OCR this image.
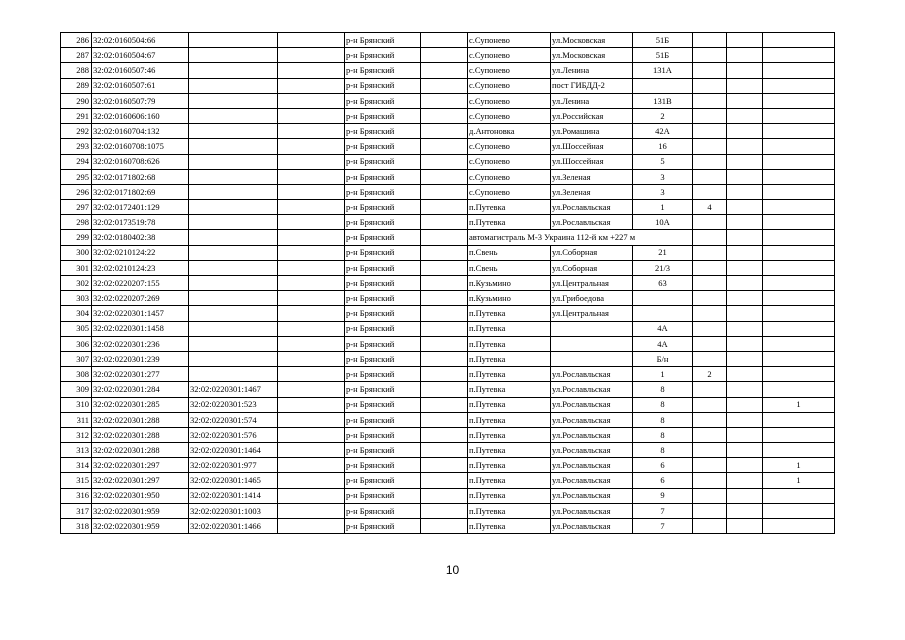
286	32:02:0160504:66			р-н Брянский		с.Супонево	ул.Московская	51Б			
287	32:02:0160504:67			р-н Брянский		с.Супонево	ул.Московская	51Б			
288	32:02:0160507:46			р-н Брянский		с.Супонево	ул.Ленина	131А			
289	32:02:0160507:61			р-н Брянский		с.Супонево	пост ГИБДД-2				
290	32:02:0160507:79			р-н Брянский		с.Супонево	ул.Ленина	131В			
291	32:02:0160606:160			р-н Брянский		с.Супонево	ул.Российская	2			
292	32:02:0160704:132			р-н Брянский		д.Антоновка	ул.Ромашина	42А			
293	32:02:0160708:1075			р-н Брянский		с.Супонево	ул.Шоссейная	16			
294	32:02:0160708:626			р-н Брянский		с.Супонево	ул.Шоссейная	5			
295	32:02:0171802:68			р-н Брянский		с.Супонево	ул.Зеленая	3			
296	32:02:0171802:69			р-н Брянский		с.Супонево	ул.Зеленая	3			
297	32:02:0172401:129			р-н Брянский		п.Путевка	ул.Рославльская	1	4		
298	32:02:0173519:78			р-н Брянский		п.Путевка	ул.Рославльская	10А			
299	32:02:0180402:38			р-н Брянский		автомагистраль М-3 Украина 112-й км +227 м					
300	32:02:0210124:22			р-н Брянский		п.Свень	ул.Соборная	21			
301	32:02:0210124:23			р-н Брянский		п.Свень	ул.Соборная	21/3			
302	32:02:0220207:155			р-н Брянский		п.Кузьмино	ул.Центральная	63			
303	32:02:0220207:269			р-н Брянский		п.Кузьмино	ул.Грибоедова				
304	32:02:0220301:1457			р-н Брянский		п.Путевка	ул.Центральная				
305	32:02:0220301:1458			р-н Брянский		п.Путевка		4А			
306	32:02:0220301:236			р-н Брянский		п.Путевка		4А			
307	32:02:0220301:239			р-н Брянский		п.Путевка		Б/н			
308	32:02:0220301:277			р-н Брянский		п.Путевка	ул.Рославльская	1	2		
309	32:02:0220301:284	32:02:0220301:1467		р-н Брянский		п.Путевка	ул.Рославльская	8			
310	32:02:0220301:285	32:02:0220301:523		р-н Брянский		п.Путевка	ул.Рославльская	8			1
311	32:02:0220301:288	32:02:0220301:574		р-н Брянский		п.Путевка	ул.Рославльская	8			
312	32:02:0220301:288	32:02:0220301:576		р-н Брянский		п.Путевка	ул.Рославльская	8			
313	32:02:0220301:288	32:02:0220301:1464		р-н Брянский		п.Путевка	ул.Рославльская	8			
314	32:02:0220301:297	32:02:0220301:977		р-н Брянский		п.Путевка	ул.Рославльская	6			1
315	32:02:0220301:297	32:02:0220301:1465		р-н Брянский		п.Путевка	ул.Рославльская	6			1
316	32:02:0220301:950	32:02:0220301:1414		р-н Брянский		п.Путевка	ул.Рославльская	9			
317	32:02:0220301:959	32:02:0220301:1003		р-н Брянский		п.Путевка	ул.Рославльская	7			
318	32:02:0220301:959	32:02:0220301:1466		р-н Брянский		п.Путевка	ул.Рославльская	7			
10
